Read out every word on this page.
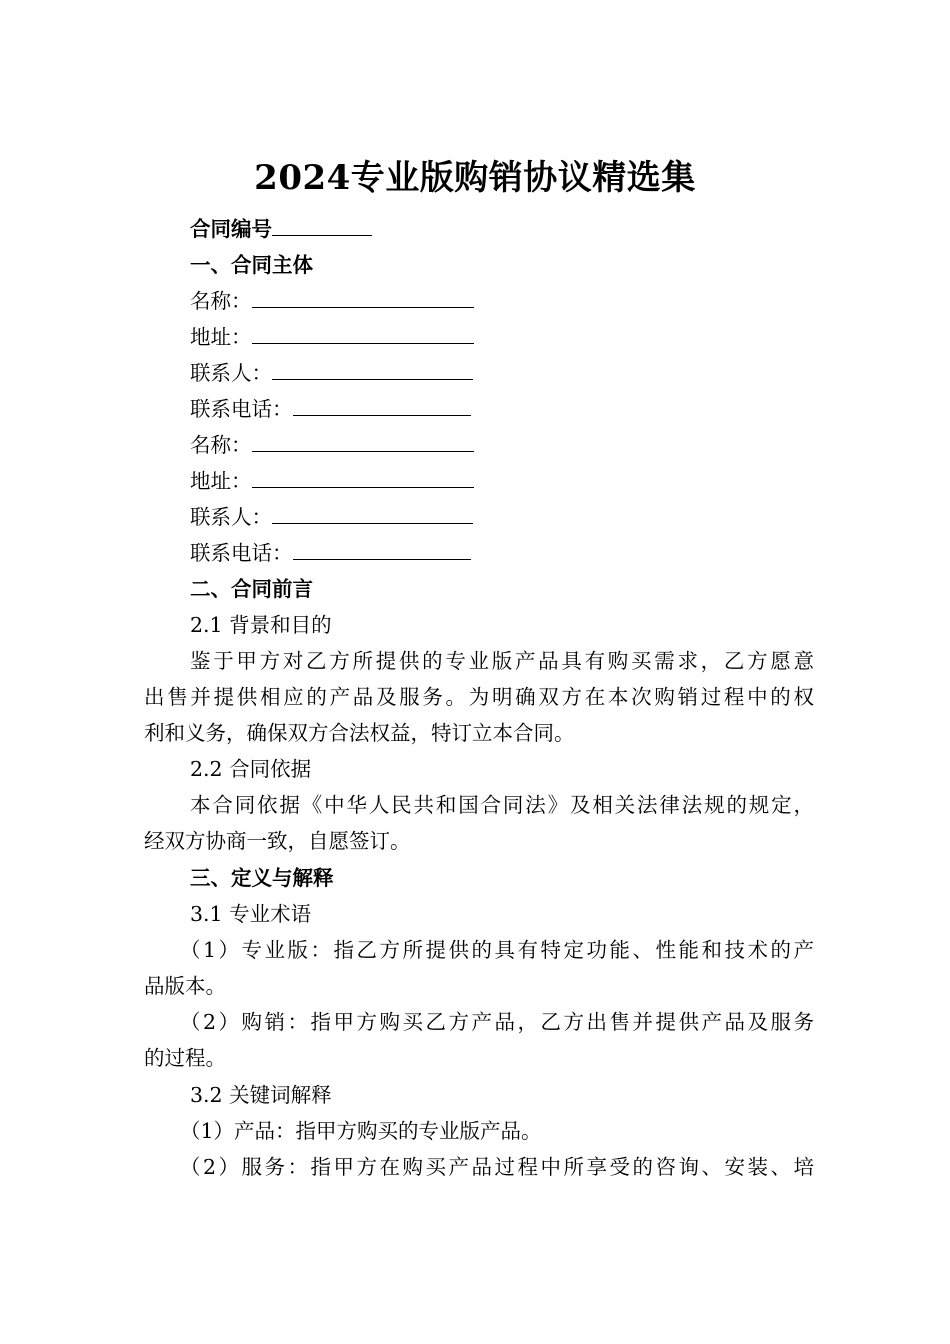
2024专业版购销协议精选集
合同编号
一、合同主体
名称：
地址：
联系人：
联系电话：
名称：
地址：
联系人：
联系电话：
二、合同前言
2.1 背景和目的
鉴于甲方对乙方所提供的专业版产品具有购买需求，乙方愿意
出售并提供相应的产品及服务。为明确双方在本次购销过程中的权
利和义务，确保双方合法权益，特订立本合同。
2.2 合同依据
本合同依据《中华人民共和国合同法》及相关法律法规的规定，
经双方协商一致，自愿签订。
三、定义与解释
3.1 专业术语
（1）专业版：指乙方所提供的具有特定功能、性能和技术的产
品版本。
（2）购销：指甲方购买乙方产品，乙方出售并提供产品及服务
的过程。
3.2 关键词解释
（1）产品：指甲方购买的专业版产品。
（2）服务：指甲方在购买产品过程中所享受的咨询、安装、培
